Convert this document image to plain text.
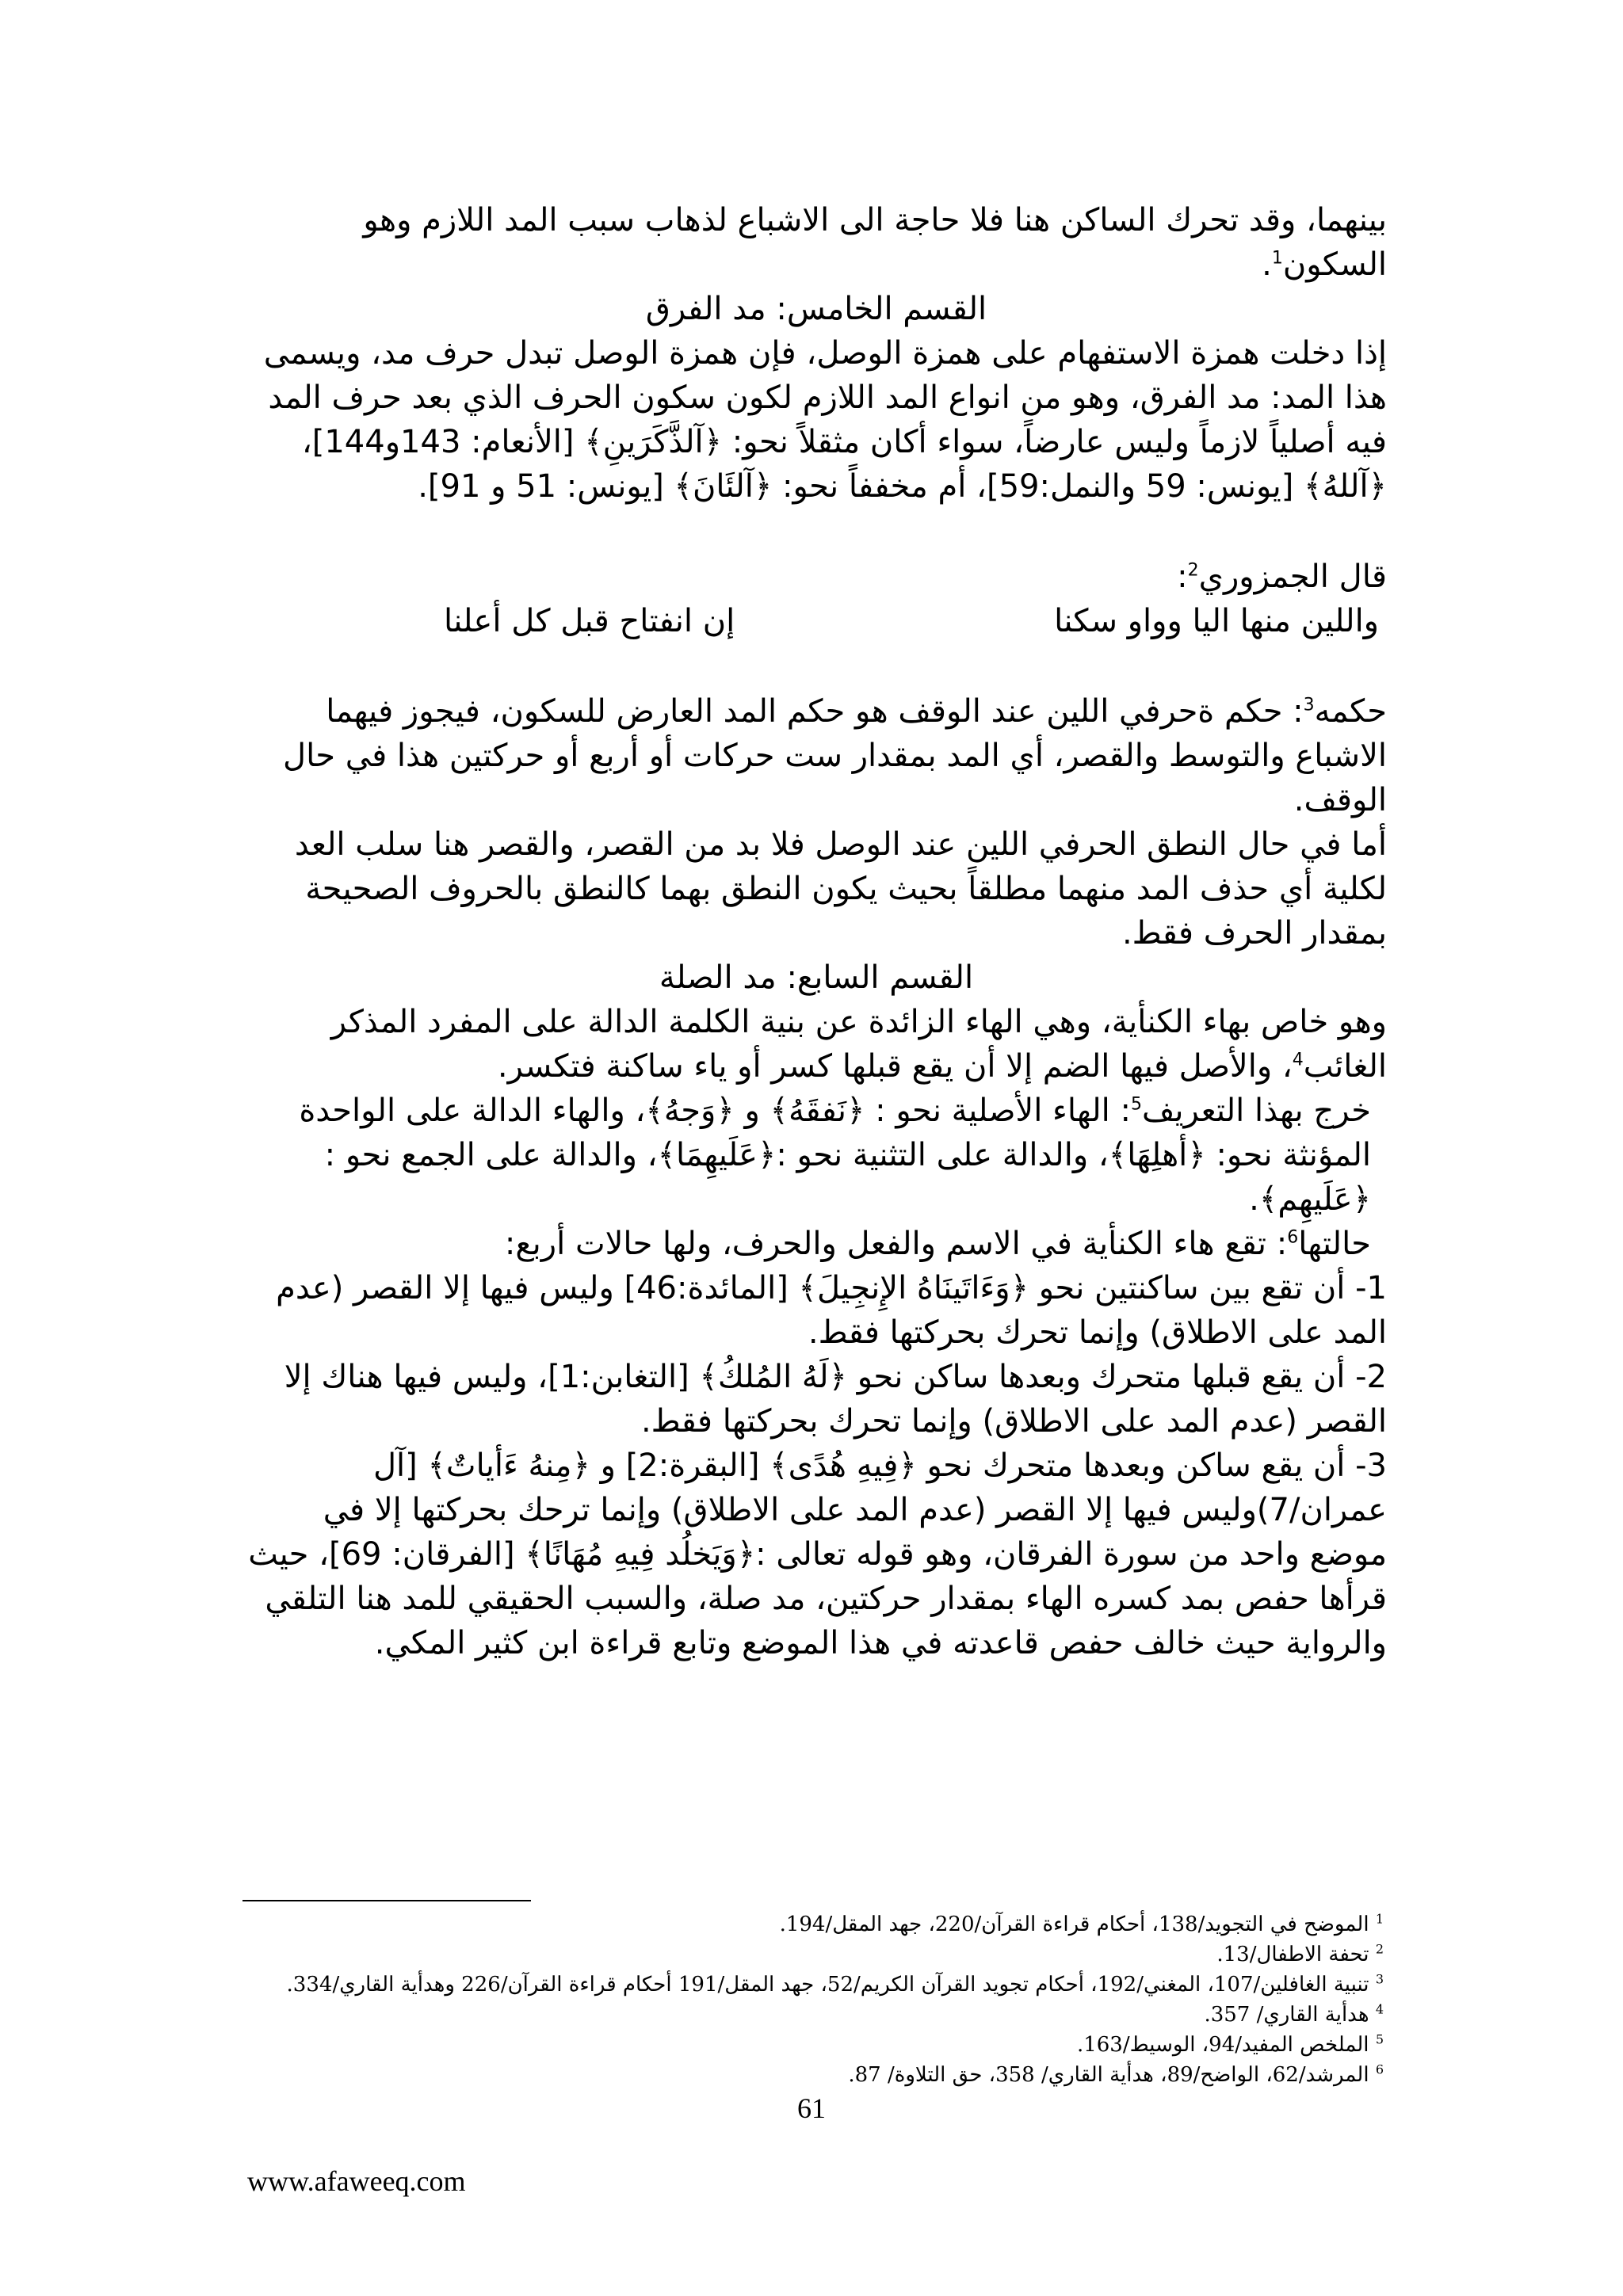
بينهما، وقد تحرك الساكن هنا فلا حاجة الى الاشباع لذهاب سبب المد اللازم وهو السكون$^1$.

القسم الخامس: مد الفرق

إذا دخلت همزة الاستفهام على همزة الوصل، فإن همزة الوصل تبدل حرف مد، ويسمى هذا المد: مد الفرق، وهو من انواع المد اللازم لكون سكون الحرف الذي بعد حرف المد فيه أصلياً لازماً وليس عارضاً، سواء أكان مثقلاً نحو: ﴿آلذَّكَرَينِ﴾ [الأنعام: 143و144]، ﴿آللهُ﴾ [يونس: 59 والنمل:59]، أم مخففاً نحو: ﴿آلئَانَ﴾ [يونس: 51 و 91].

قال الجمزوري$^2$:

واللين منها اليا وواو سكنا
إن انفتاح قبل كل أعلنا

حكمه$^3$: حكم ةحرفي اللين عند الوقف هو حكم المد العارض للسكون، فيجوز فيهما الاشباع والتوسط والقصر، أي المد بمقدار ست حركات أو أربع أو حركتين هذا في حال الوقف.

أما في حال النطق الحرفي اللين عند الوصل فلا بد من القصر، والقصر هنا سلب العد لكلية أي حذف المد منهما مطلقاً بحيث يكون النطق بهما كالنطق بالحروف الصحيحة بمقدار الحرف فقط.

القسم السابع: مد الصلة

وهو خاص بهاء الكنأية، وهي الهاء الزائدة عن بنية الكلمة الدالة على المفرد المذكر الغائب$^4$، والأصل فيها الضم إلا أن يقع قبلها كسر أو ياء ساكنة فتكسر.

خرج بهذا التعريف$^5$: الهاء الأصلية نحو : ﴿نَفقَهُ﴾ و ﴿وَجهُ﴾، والهاء الدالة على الواحدة المؤنثة نحو: ﴿أهلِهَا﴾، والدالة على التثنية نحو :﴿عَلَيهِمَا﴾، والدالة على الجمع نحو :﴿عَلَيهِم﴾.

حالتها$^6$: تقع هاء الكنأية في الاسم والفعل والحرف، ولها حالات أربع:

1- أن تقع بين ساكنتين نحو ﴿وَءَاتَينَاهُ الإِنجِيلَ﴾ [المائدة:46] وليس فيها إلا القصر (عدم المد على الاطلاق) وإنما تحرك بحركتها فقط.

2- أن يقع قبلها متحرك وبعدها ساكن نحو ﴿لَهُ المُلكُ﴾ [التغابن:1]، وليس فيها هناك إلا القصر (عدم المد على الاطلاق) وإنما تحرك بحركتها فقط.

3- أن يقع ساكن وبعدها متحرك نحو ﴿فِيهِ هُدًى﴾ [البقرة:2] و ﴿مِنهُ ءَأياتٌ﴾ [آل عمران/7)وليس فيها إلا القصر (عدم المد على الاطلاق) وإنما ترحك بحركتها إلا في موضع واحد من سورة الفرقان، وهو قوله تعالى :﴿وَيَخلُد فِيهِ مُهَانًا﴾ [الفرقان: 69]، حيث قرأها حفص بمد كسره الهاء بمقدار حركتين، مد صلة، والسبب الحقيقي للمد هنا التلقي والرواية حيث خالف حفص قاعدته في هذا الموضع وتابع قراءة ابن كثير المكي.

$^1$ الموضح في التجويد/138، أحكام قراءة القرآن/220، جهد المقل/194.
$^2$ تحفة الاطفال/13.
$^3$ تنبية الغافلين/107، المغني/192، أحكام تجويد القرآن الكريم/52، جهد المقل/191 أحكام قراءة القرآن/226 وهدأية القاري/334.
$^4$ هدأية القاري/ 357.
$^5$ الملخص المفيد/94، الوسيط/163.
$^6$ المرشد/62، الواضح/89، هدأية القاري/ 358، حق التلاوة/ 87.
61
www.afaweeq.com
